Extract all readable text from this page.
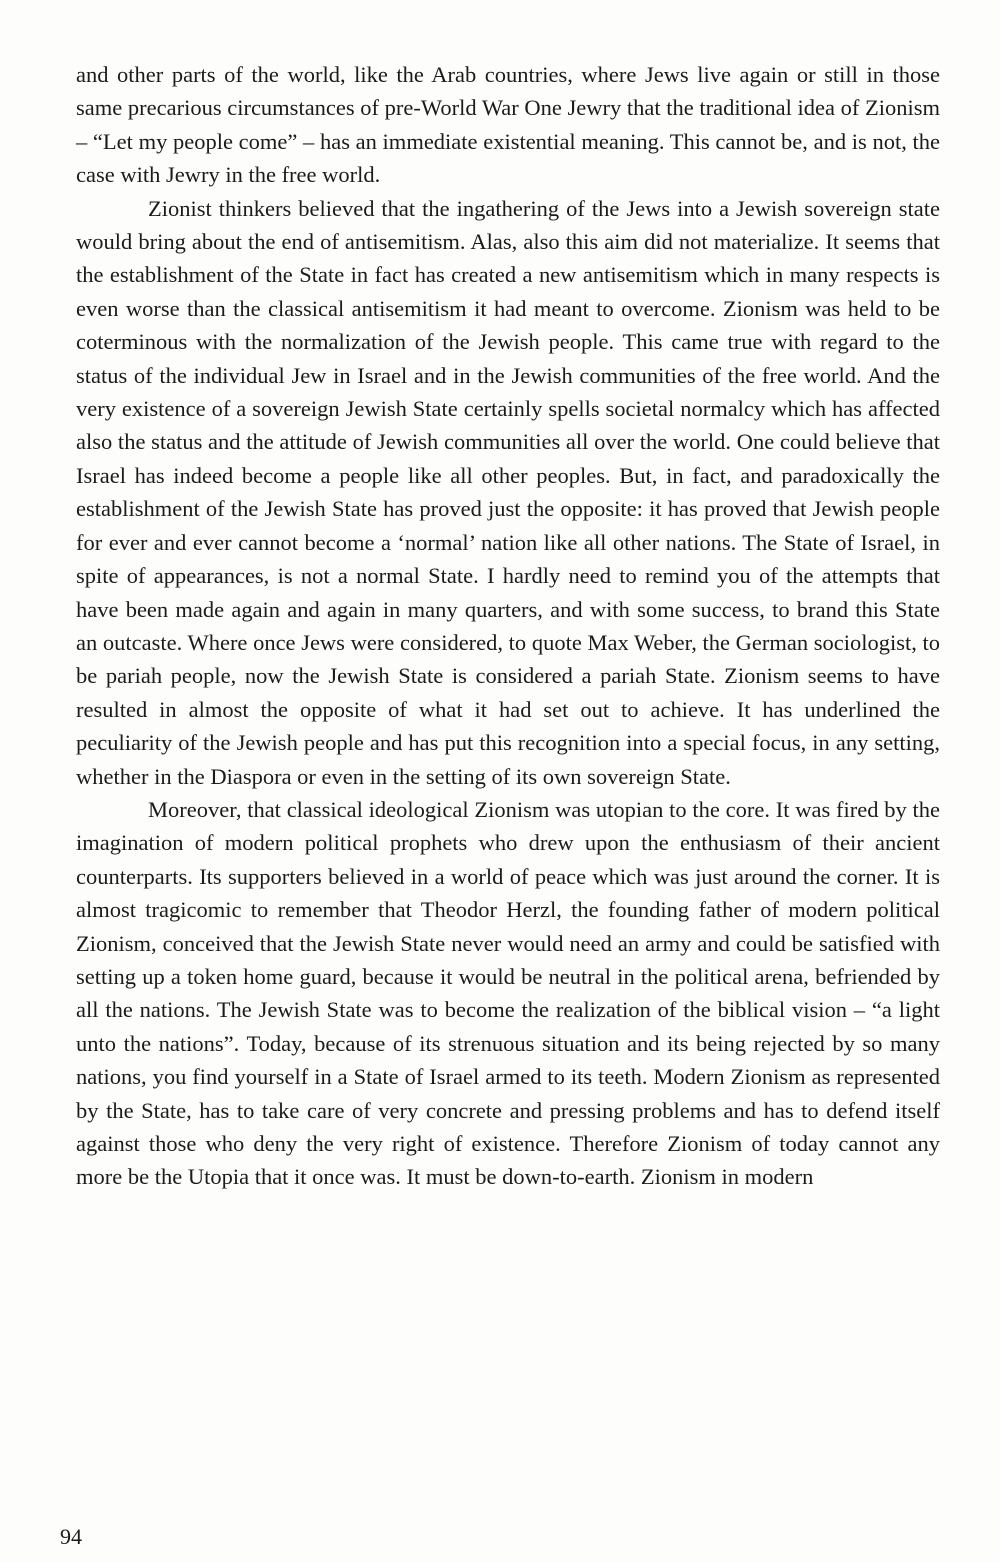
and other parts of the world, like the Arab countries, where Jews live again or still in those same precarious circumstances of pre-World War One Jewry that the traditional idea of Zionism – “Let my people come” – has an immediate existential meaning. This cannot be, and is not, the case with Jewry in the free world.

Zionist thinkers believed that the ingathering of the Jews into a Jewish sovereign state would bring about the end of antisemitism. Alas, also this aim did not materialize. It seems that the establishment of the State in fact has created a new antisemitism which in many respects is even worse than the classical antisemitism it had meant to overcome. Zionism was held to be coterminous with the normalization of the Jewish people. This came true with regard to the status of the individual Jew in Israel and in the Jewish communities of the free world. And the very existence of a sovereign Jewish State certainly spells societal normalcy which has affected also the status and the attitude of Jewish communities all over the world. One could believe that Israel has indeed become a people like all other peoples. But, in fact, and paradoxically the establishment of the Jewish State has proved just the opposite: it has proved that Jewish people for ever and ever cannot become a ‘normal’ nation like all other nations. The State of Israel, in spite of appearances, is not a normal State. I hardly need to remind you of the attempts that have been made again and again in many quarters, and with some success, to brand this State an outcaste. Where once Jews were considered, to quote Max Weber, the German sociologist, to be pariah people, now the Jewish State is considered a pariah State. Zionism seems to have resulted in almost the opposite of what it had set out to achieve. It has underlined the peculiarity of the Jewish people and has put this recognition into a special focus, in any setting, whether in the Diaspora or even in the setting of its own sovereign State.

Moreover, that classical ideological Zionism was utopian to the core. It was fired by the imagination of modern political prophets who drew upon the enthusiasm of their ancient counterparts. Its supporters believed in a world of peace which was just around the corner. It is almost tragicomic to remember that Theodor Herzl, the founding father of modern political Zionism, conceived that the Jewish State never would need an army and could be satisfied with setting up a token home guard, because it would be neutral in the political arena, befriended by all the nations. The Jewish State was to become the realization of the biblical vision – “a light unto the nations”. Today, because of its strenuous situation and its being rejected by so many nations, you find yourself in a State of Israel armed to its teeth. Modern Zionism as represented by the State, has to take care of very concrete and pressing problems and has to defend itself against those who deny the very right of existence. Therefore Zionism of today cannot any more be the Utopia that it once was. It must be down-to-earth. Zionism in modern

94
